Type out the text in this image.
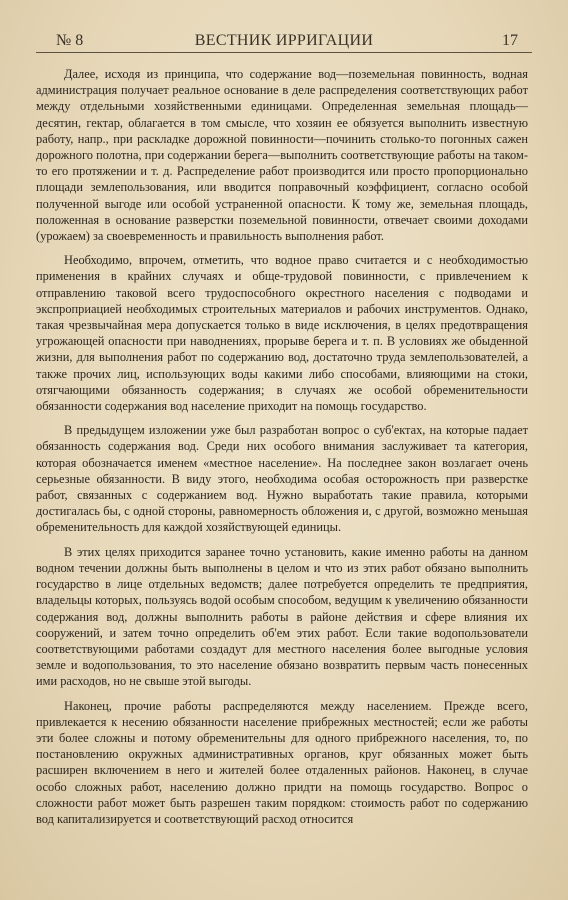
№ 8	ВЕСТНИК ИРРИГАЦИИ	17

Далее, исходя из принципа, что содержание вод—поземельная повинность, водная администрация получает реальное основание в деле распределения соответствующих работ между отдельными хозяйственными единицами. Определенная земельная площадь—десятин, гектар, облагается в том смысле, что хозяин ее обязуется выполнить известную работу, напр., при раскладке дорожной повинности—починить столько-то погонных сажен дорожного полотна, при содержании берега—выполнить соответствующие работы на таком-то его протяжении и т. д. Распределение работ производится или просто пропорционально площади землепользования, или вводится поправочный коэффициент, согласно особой полученной выгоде или особой устраненной опасности. К тому же, земельная площадь, положенная в основание разверстки поземельной повинности, отвечает своими доходами (урожаем) за своевременность и правильность выполнения работ.

Необходимо, впрочем, отметить, что водное право считается и с необходимостью применения в крайних случаях и обще-трудовой повинности, с привлечением к отправлению таковой всего трудоспособного окрестного населения с подводами и экспроприацией необходимых строительных материалов и рабочих инструментов. Однако, такая чрезвычайная мера допускается только в виде исключения, в целях предотвращения угрожающей опасности при наводнениях, прорыве берега и т. п. В условиях же обыденной жизни, для выполнения работ по содержанию вод, достаточно труда землепользователей, а также прочих лиц, использующих воды какими либо способами, влияющими на стоки, отягчающими обязанность содержания; в случаях же особой обременительности обязанности содержания вод население приходит на помощь государство.

В предыдущем изложении уже был разработан вопрос о суб'ектах, на которые падает обязанность содержания вод. Среди них особого внимания заслуживает та категория, которая обозначается именем «местное население». На последнее закон возлагает очень серьезные обязанности. В виду этого, необходима особая осторожность при разверстке работ, связанных с содержанием вод. Нужно выработать такие правила, которыми достигалась бы, с одной стороны, равномерность обложения и, с другой, возможно меньшая обременительность для каждой хозяйствующей единицы.

В этих целях приходится заранее точно установить, какие именно работы на данном водном течении должны быть выполнены в целом и что из этих работ обязано выполнить государство в лице отдельных ведомств; далее потребуется определить те предприятия, владельцы которых, пользуясь водой особым способом, ведущим к увеличению обязанности содержания вод, должны выполнить работы в районе действия и сфере влияния их сооружений, и затем точно определить об'ем этих работ. Если такие водопользователи соответствующими работами создадут для местного населения более выгодные условия земле и водопользования, то это население обязано возвратить первым часть понесенных ими расходов, но не свыше этой выгоды.

Наконец, прочие работы распределяются между населением. Прежде всего, привлекается к несению обязанности население прибрежных местностей; если же работы эти более сложны и потому обременительны для одного прибрежного населения, то, по постановлению окружных административных органов, круг обязанных может быть расширен включением в него и жителей более отдаленных районов. Наконец, в случае особо сложных работ, населению должно придти на помощь государство. Вопрос о сложности работ может быть разрешен таким порядком: стоимость работ по содержанию вод капитализируется и соответствующий расход относится
